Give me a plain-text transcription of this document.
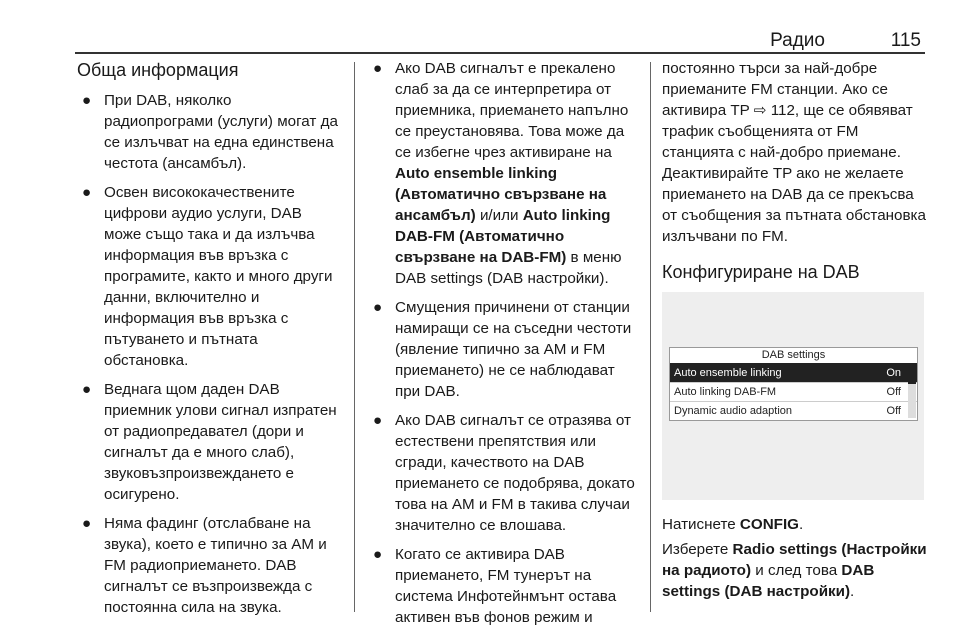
Радио	115
Обща информация
● При DAB, няколко радиопрограми (услуги) могат да се излъчват на една единствена честота (ансамбъл).
● Освен висококачествените цифрови аудио услуги, DAB може също така и да излъчва информация във връзка с програмите, както и много други данни, включително и информация във връзка с пътуването и пътната обстановка.
● Веднага щом даден DAB приемник улови сигнал изпратен от радиопредавател (дори и сигналът да е много слаб), звуковъзпроизвеждането е осигурено.
● Няма фадинг (отслабване на звука), което е типично за AM и FM радиоприемането. DAB сигналът се възпроизвежда с постоянна сила на звука.
● Ако DAB сигналът е прекалено слаб за да се интерпретира от приемника, приемането напълно се преустановява. Това може да се избегне чрез активиране на Auto ensemble linking (Автоматично свързване на ансамбъл) и/или Auto linking DAB-FM (Автоматично свързване на DAB-FM) в меню DAB settings (DAB настройки).
● Смущения причинени от станции намиращи се на съседни честоти (явление типично за AM и FM приемането) не се наблюдават при DAB.
● Ако DAB сигналът се отразява от естествени препятствия или сгради, качеството на DAB приемането се подобрява, докато това на AM и FM в такива случаи значително се влошава.
● Когато се активира DAB приемането, FM тунерът на система Инфотейнмънт остава активен във фонов режим и
постоянно търси за най-добре приеманите FM станции. Ако се активира TP ⇨ 112, ще се обявяват трафик съобщенията от FM станцията с най-добро приемане. Деактивирайте TP ако не желаете приемането на DAB да се прекъсва от съобщения за пътната обстановка излъчвани по FM.
Конфигуриране на DAB
DAB settings
Auto ensemble linking	On
Auto linking DAB-FM	Off
Dynamic audio adaption	Off

Натиснете CONFIG.

Изберете Radio settings (Настройки на радиото) и след това DAB settings (DAB настройки).
